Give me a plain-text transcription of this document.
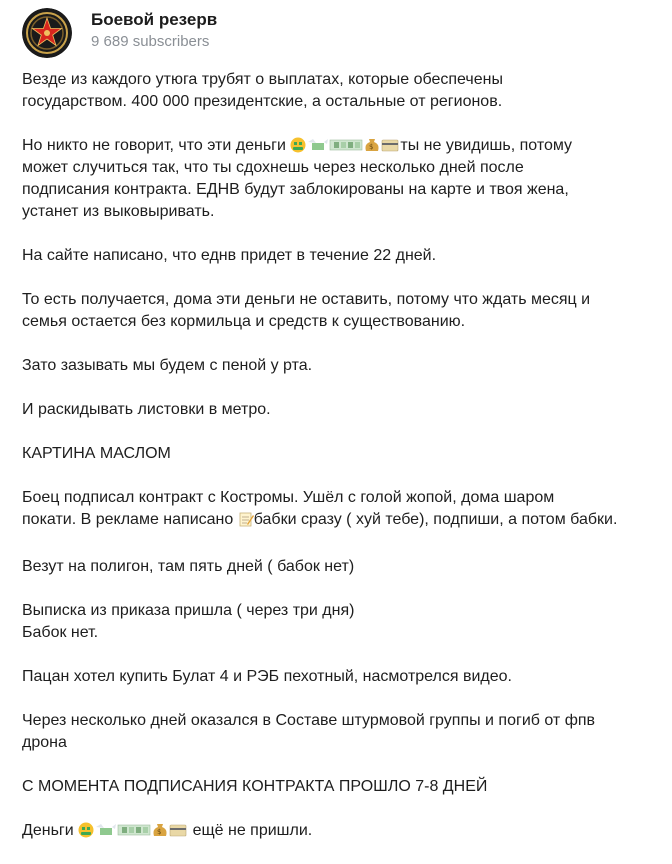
Боевой резерв
9 689 subscribers
Везде из каждого утюга трубят о выплатах, которые обеспечены
государством. 400 000 президентские, а остальные от регионов.
Но никто не говорит, что эти деньги	$ ты не увидишь, потому
может случиться так, что ты сдохнешь через несколько дней после
подписания контракта. ЕДНВ будут заблокированы на карте и твоя жена,
устанет из выковыривать.
На сайте написано, что еднв придет в течение 22 дней.
То есть получается, дома эти деньги не оставить, потому что ждать месяц и
семья остается без кормильца и средств к существованию.
Зато зазывать мы будем с пеной у рта.
И раскидывать листовки в метро.
КАРТИНА МАСЛОМ
Боец подписал контракт с Костромы. Ушёл с голой жопой, дома шаром
покати. В рекламе написано бабки сразу ( хуй тебе), подпиши, а потом бабки.
Везут на полигон, там пять дней ( бабок нет)
Выписка из приказа пришла ( через три дня)
Бабок нет.
Пацан хотел купить Булат 4 и РЭБ пехотный, насмотрелся видео.
Через несколько дней оказался в Составе штурмовой группы и погиб от фпв
дрона
С МОМЕНТА ПОДПИСАНИЯ КОНТРАКТА ПРОШЛО 7-8 ДНЕЙ
Деньги	$ ещё не пришли.
